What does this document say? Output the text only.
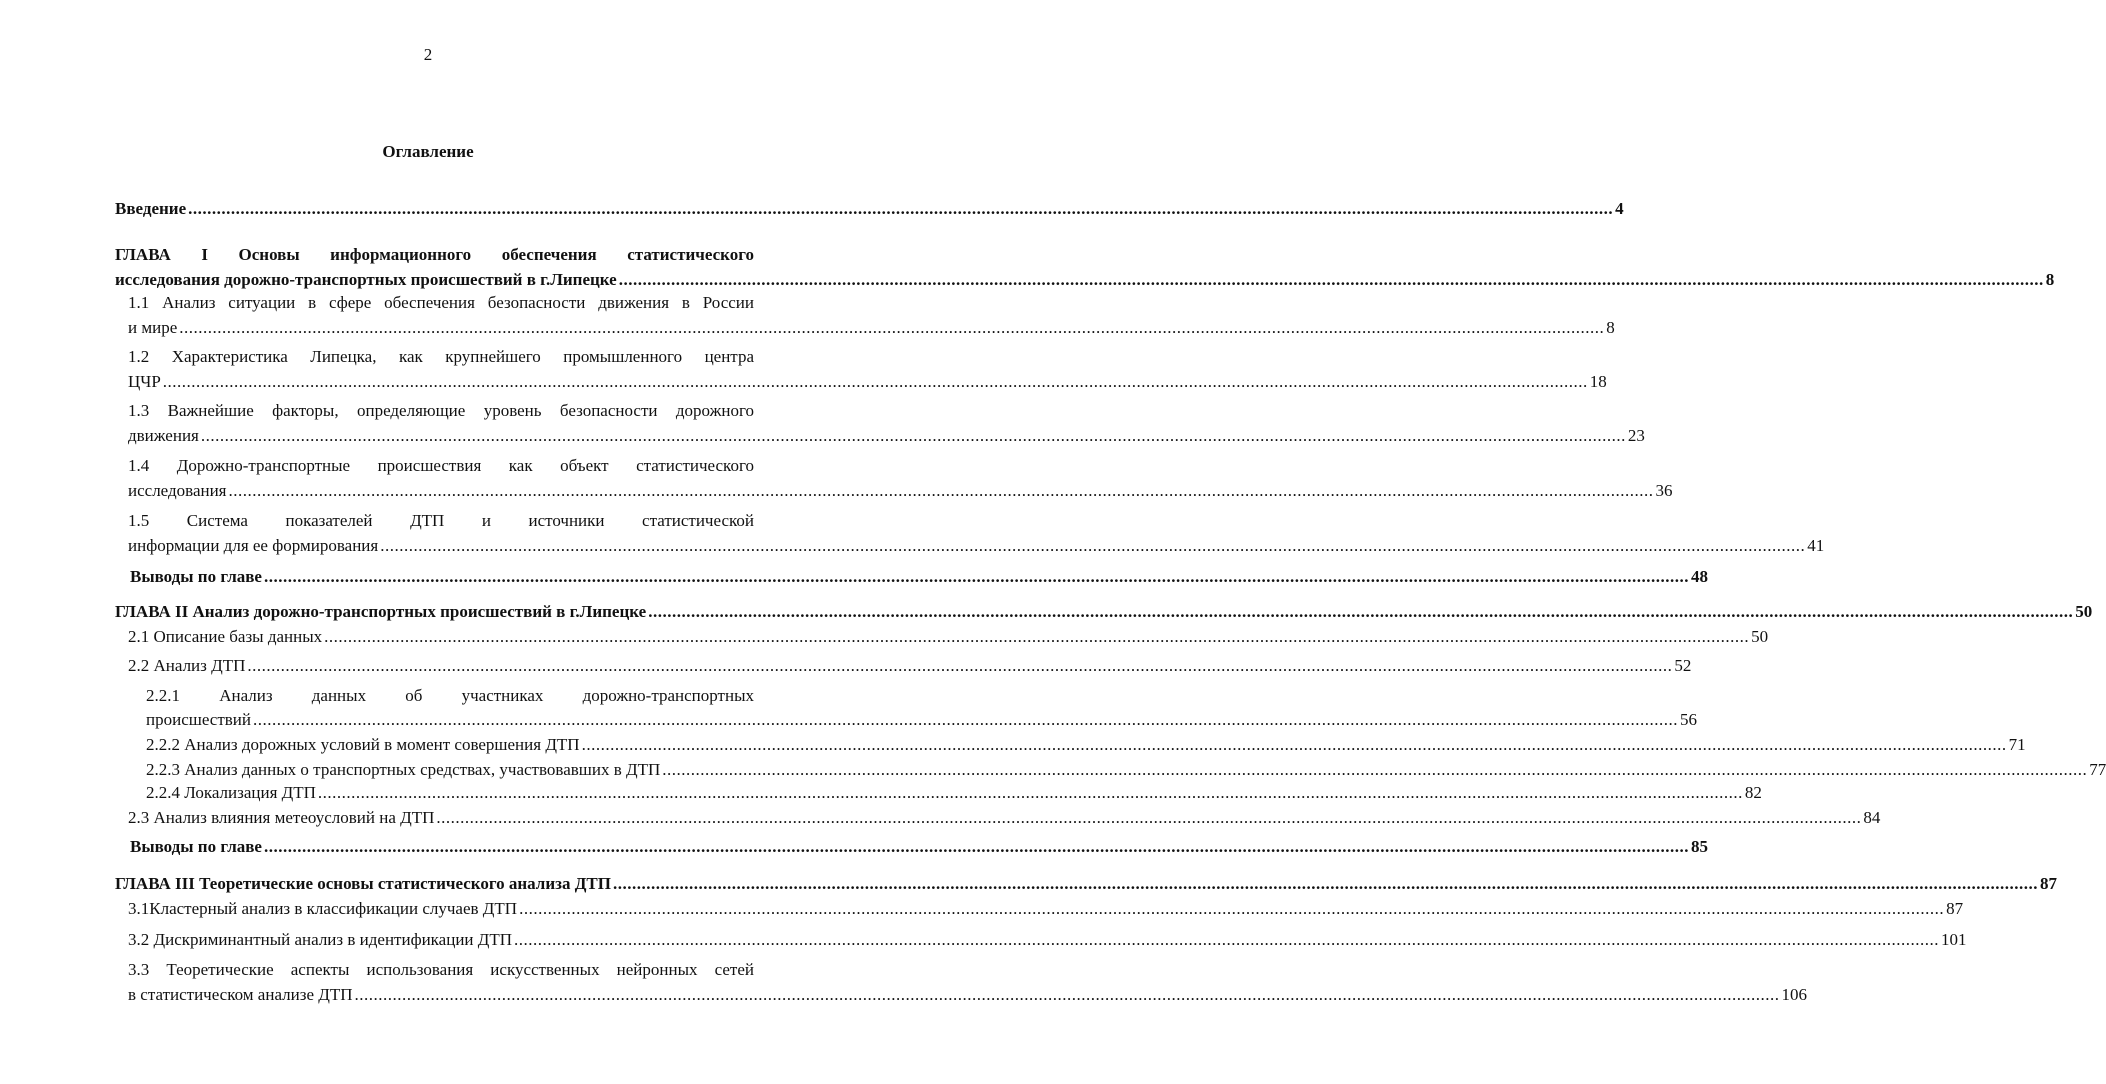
2
Оглавление
Введение ............................................................................................................................................................................................................................................................................................................ 4
ГЛАВА I Основы информационного обеспечения статистического
исследования дорожно-транспортных происшествий в г.Липецке ............................................................................................................................................................................................................................................................................................................ 8
1.1 Анализ ситуации в сфере обеспечения безопасности движения в России
и мире ............................................................................................................................................................................................................................................................................................................ 8
1.2 Характеристика Липецка, как крупнейшего промышленного центра
ЦЧР ............................................................................................................................................................................................................................................................................................................ 18
1.3 Важнейшие факторы, определяющие уровень безопасности дорожного
движения ............................................................................................................................................................................................................................................................................................................ 23
1.4 Дорожно-транспортные происшествия как объект статистического
исследования ............................................................................................................................................................................................................................................................................................................ 36
1.5 Система показателей ДТП и источники статистической
информации для ее формирования ............................................................................................................................................................................................................................................................................................................ 41
Выводы по главе ............................................................................................................................................................................................................................................................................................................ 48
ГЛАВА II Анализ дорожно-транспортных происшествий в г.Липецке ............................................................................................................................................................................................................................................................................................................ 50
2.1 Описание базы данных ............................................................................................................................................................................................................................................................................................................ 50
2.2 Анализ ДТП ............................................................................................................................................................................................................................................................................................................ 52
2.2.1 Анализ данных об участниках дорожно-транспортных
происшествий ............................................................................................................................................................................................................................................................................................................ 56
2.2.2 Анализ дорожных условий в момент совершения ДТП ............................................................................................................................................................................................................................................................................................................ 71
2.2.3 Анализ данных о транспортных средствах, участвовавших в ДТП ............................................................................................................................................................................................................................................................................................................ 77
2.2.4 Локализация ДТП ............................................................................................................................................................................................................................................................................................................ 82
2.3 Анализ влияния метеоусловий на ДТП ............................................................................................................................................................................................................................................................................................................ 84
Выводы по главе ............................................................................................................................................................................................................................................................................................................ 85
ГЛАВА III Теоретические основы статистического анализа ДТП ............................................................................................................................................................................................................................................................................................................ 87
3.1Кластерный анализ в классификации случаев ДТП ............................................................................................................................................................................................................................................................................................................ 87
3.2 Дискриминантный анализ в идентификации ДТП ............................................................................................................................................................................................................................................................................................................ 101
3.3 Теоретические аспекты использования искусственных нейронных сетей
в статистическом анализе ДТП ............................................................................................................................................................................................................................................................................................................ 106
